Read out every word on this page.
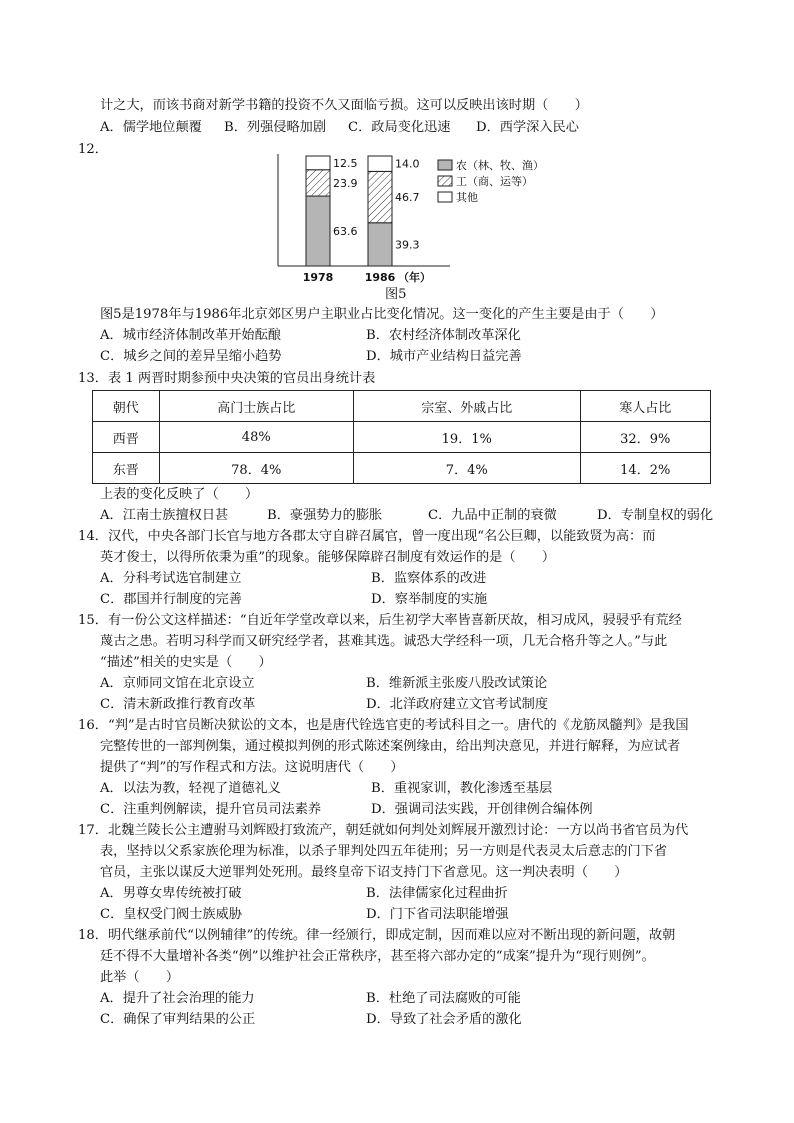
计之大，而该书商对新学书籍的投资不久又面临亏损。这可以反映出该时期（　　）
A．儒学地位颠覆 B．列强侵略加剧 C．政局变化迅速 D．西学深入民心
12．
63.6
23.9
12.5
39.3
46.7
14.0
1978	1986 （年）
农（林、牧、渔）
工（商、运等）
其他
图5
图5是1978年与1986年北京郊区男户主职业占比变化情况。这一变化的产生主要是由于（　　）
A．城市经济体制改革开始酝酿	B．农村经济体制改革深化
C．城乡之间的差异呈缩小趋势	D．城市产业结构日益完善
13．表 1 两晋时期参预中央决策的官员出身统计表
朝代	高门士族占比	宗室、外戚占比	寒人占比
西晋	48%	19．1%	32．9%
东晋	78．4%	7．4%	14．2%
上表的变化反映了（　　）
A．江南士族擅权日甚	B．豪强势力的膨胀	C．九品中正制的衰微	D．专制皇权的弱化
14．汉代，中央各部门长官与地方各郡太守自辟召属官，曾一度出现“名公巨卿，以能致贤为高：而
英才俊士，以得所依秉为重”的现象。能够保障辟召制度有效运作的是（　　）
A．分科考试选官制建立	B．监察体系的改进
C．郡国并行制度的完善	D．察举制度的实施
15．有一份公文这样描述：“自近年学堂改章以来，后生初学大率皆喜新厌故，相习成风，骎骎乎有荒经
蔑古之患。若明习科学而又研究经学者，甚难其选。诚恐大学经科一项，几无合格升等之人。”与此
“描述”相关的史实是（　　）
A．京师同文馆在北京设立	B．维新派主张废八股改试策论
C．清末新政推行教育改革	D．北洋政府建立文官考试制度
16．“判”是古时官员断决狱讼的文本，也是唐代铨选官吏的考试科目之一。唐代的《龙筋凤髓判》是我国
完整传世的一部判例集，通过模拟判例的形式陈述案例缘由，给出判决意见，并进行解释，为应试者
提供了“判”的写作程式和方法。这说明唐代（　　）
A．以法为教，轻视了道德礼义	B．重视家训，教化渗透至基层
C．注重判例解读，提升官员司法素养	D．强调司法实践，开创律例合编体例
17．北魏兰陵长公主遭驸马刘辉殴打致流产，朝廷就如何判处刘辉展开激烈讨论：一方以尚书省官员为代
表，坚持以父系家族伦理为标准，以杀子罪判处四五年徒刑；另一方则是代表灵太后意志的门下省
官员，主张以谋反大逆罪判处死刑。最终皇帝下诏支持门下省意见。这一判决表明（　　）
A．男尊女卑传统被打破	B．法律儒家化过程曲折
C．皇权受门阀士族威胁	D．门下省司法职能增强
18．明代继承前代“以例辅律”的传统。律一经颁行，即成定制，因而难以应对不断出现的新问题，故朝
廷不得不大量增补各类“例”以维护社会正常秩序，甚至将六部办定的“成案”提升为“现行则例”。
此举（　　）
A．提升了社会治理的能力	B．杜绝了司法腐败的可能
C．确保了审判结果的公正	D．导致了社会矛盾的激化
